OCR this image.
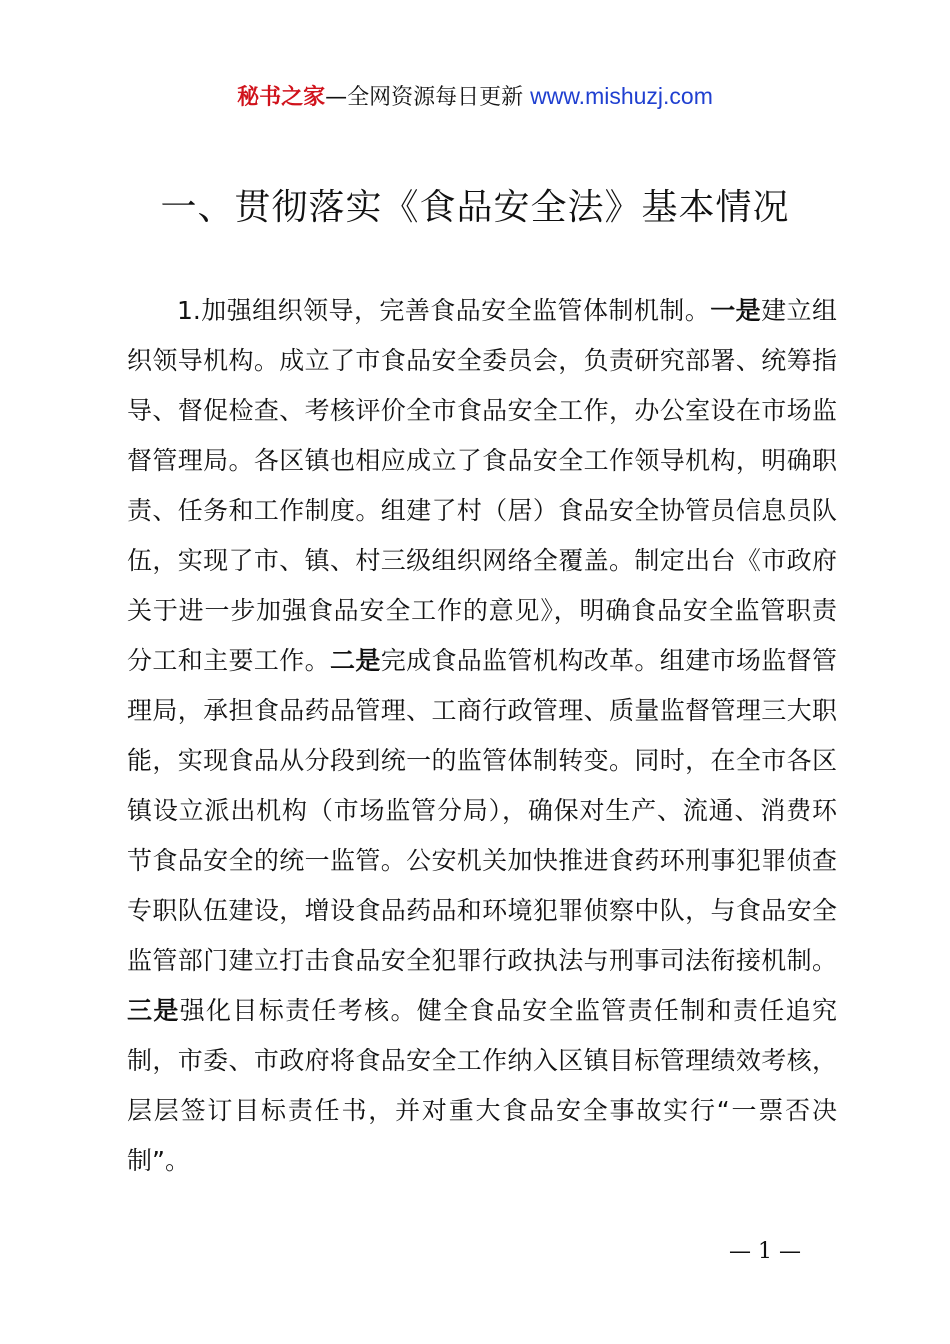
秘书之家—全网资源每日更新 www.mishuzj.com
一、贯彻落实《食品安全法》基本情况

1.加强组织领导，完善食品安全监管体制机制。一是建立组织领导机构。成立了市食品安全委员会，负责研究部署、统筹指导、督促检查、考核评价全市食品安全工作，办公室设在市场监督管理局。各区镇也相应成立了食品安全工作领导机构，明确职责、任务和工作制度。组建了村（居）食品安全协管员信息员队伍，实现了市、镇、村三级组织网络全覆盖。制定出台《市政府关于进一步加强食品安全工作的意见》，明确食品安全监管职责分工和主要工作。二是完成食品监管机构改革。组建市场监督管理局，承担食品药品管理、工商行政管理、质量监督管理三大职能，实现食品从分段到统一的监管体制转变。同时，在全市各区镇设立派出机构（市场监管分局），确保对生产、流通、消费环节食品安全的统一监管。公安机关加快推进食药环刑事犯罪侦查专职队伍建设，增设食品药品和环境犯罪侦察中队，与食品安全监管部门建立打击食品安全犯罪行政执法与刑事司法衔接机制。三是强化目标责任考核。健全食品安全监管责任制和责任追究制，市委、市政府将食品安全工作纳入区镇目标管理绩效考核，层层签订目标责任书，并对重大食品安全事故实行“一票否决制”。

— 1 —
